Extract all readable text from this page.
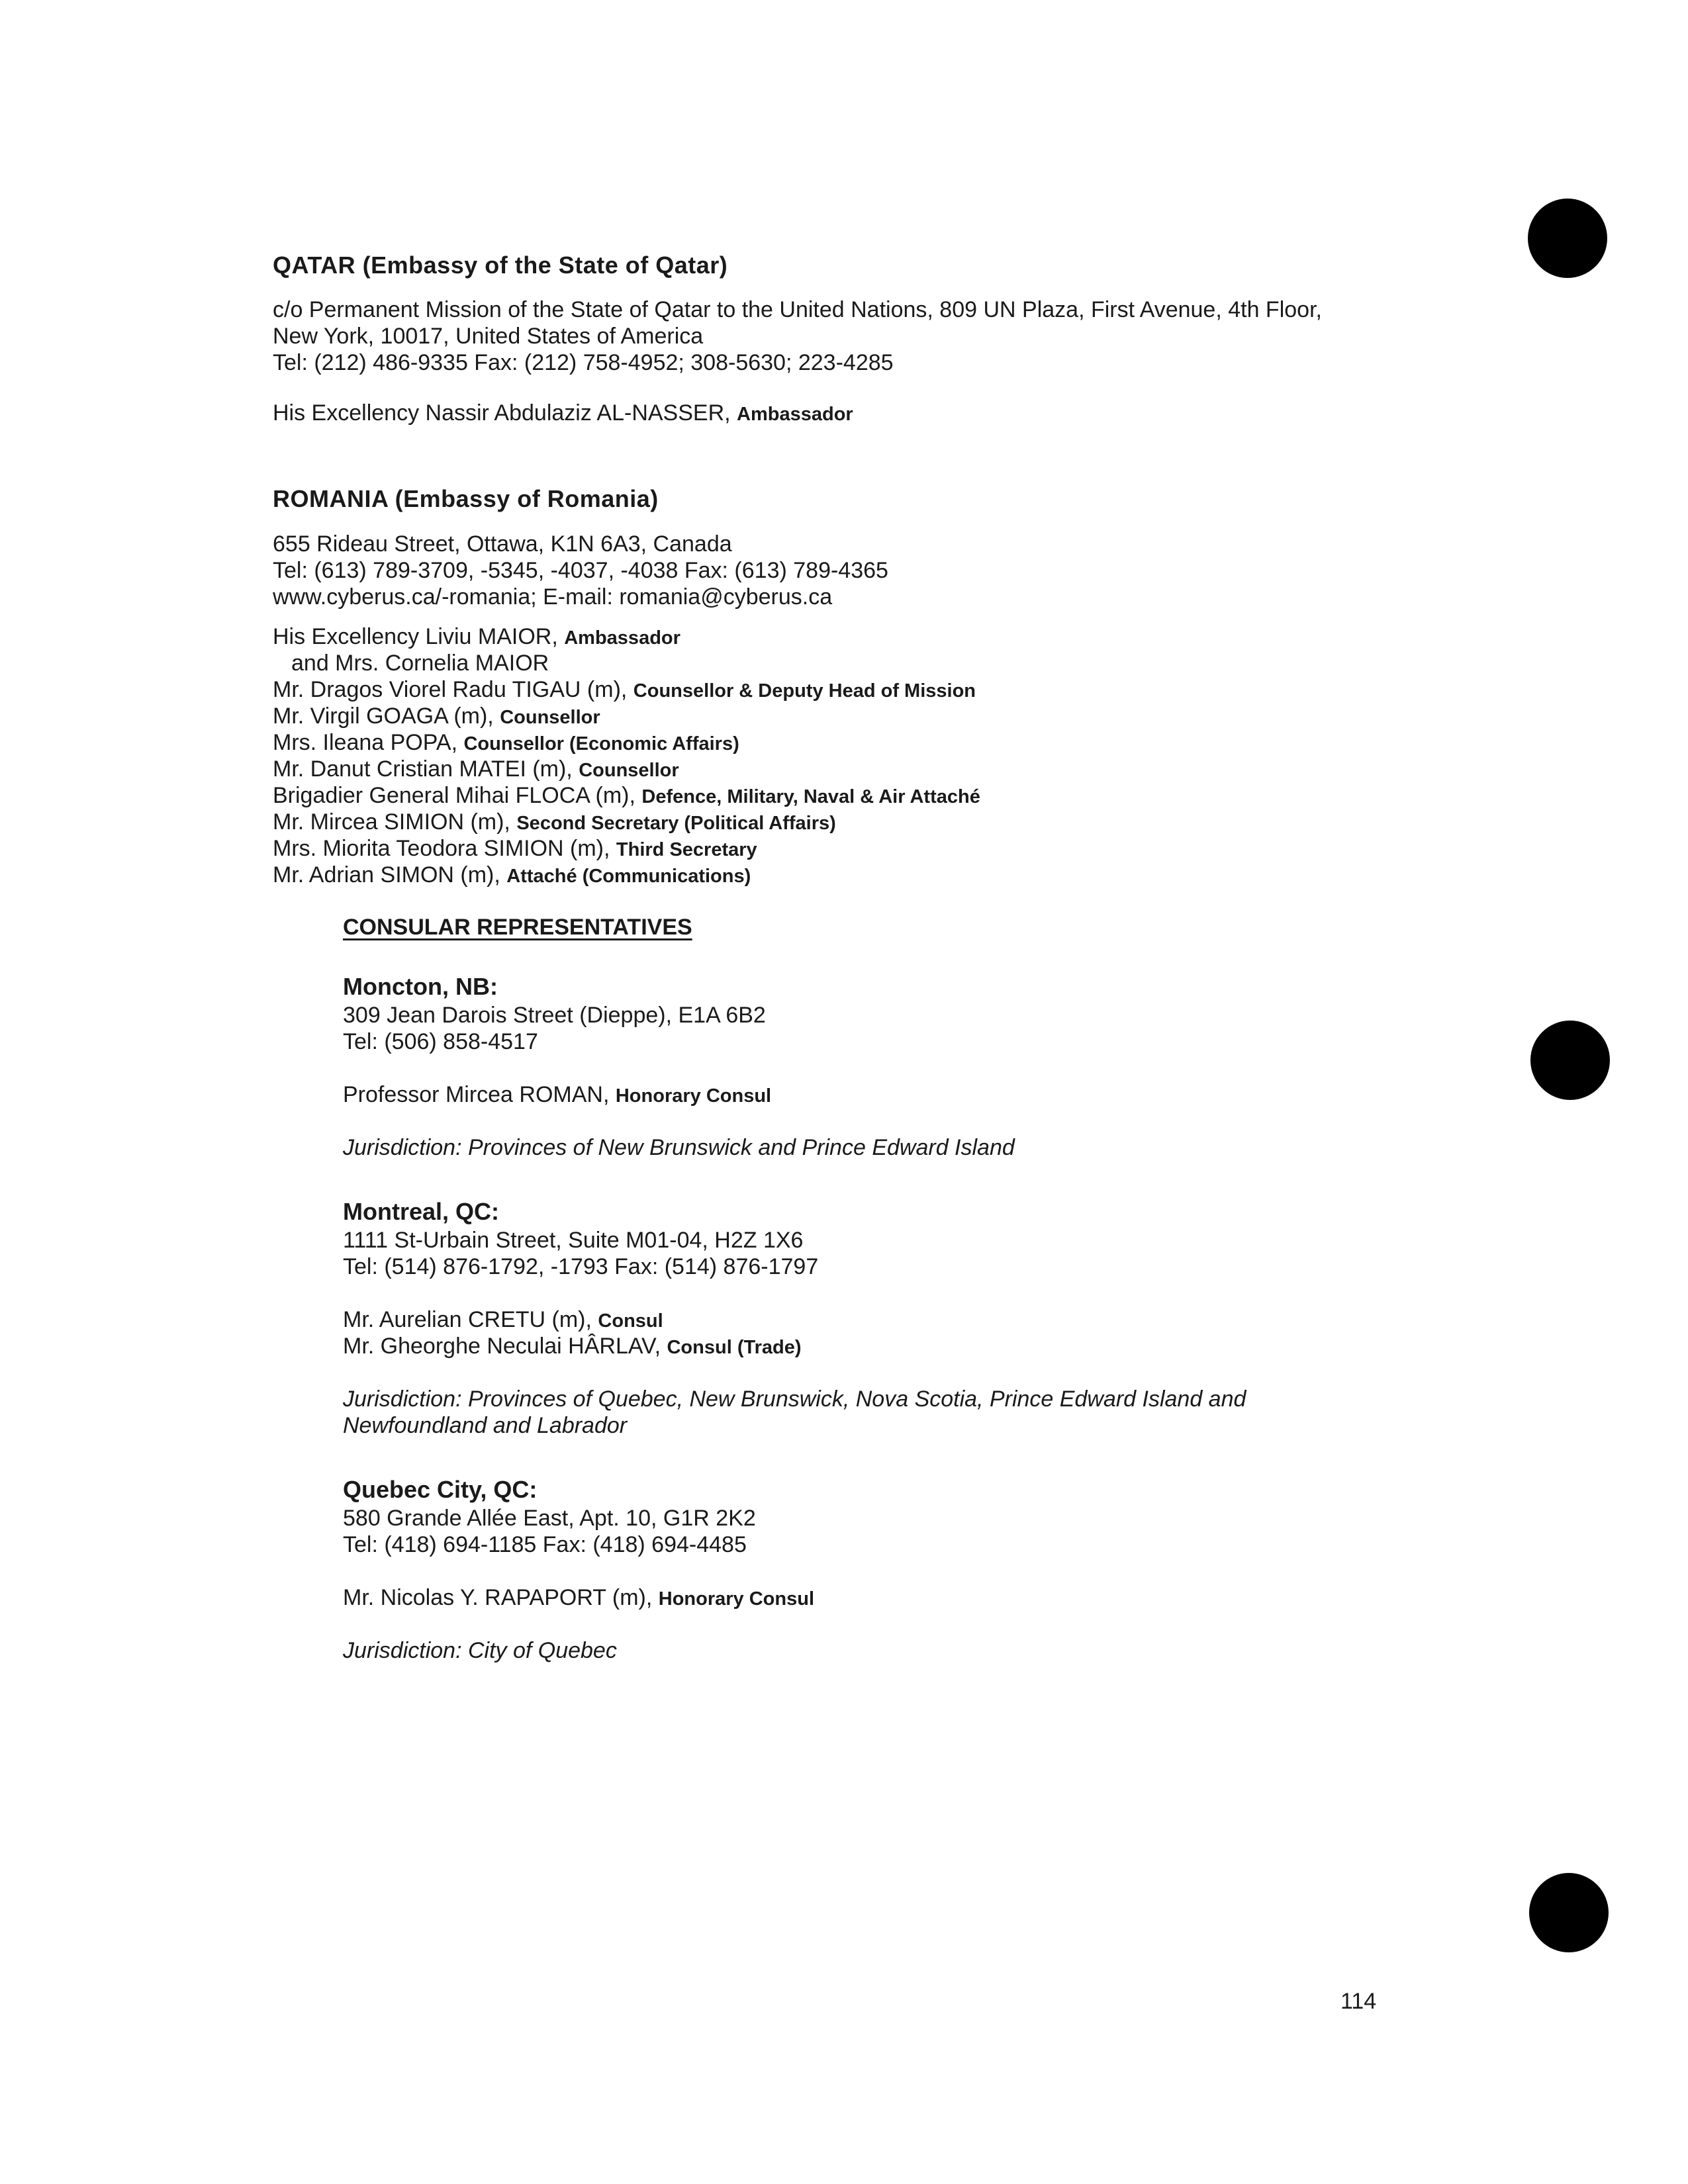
QATAR (Embassy of the State of Qatar)

c/o Permanent Mission of the State of Qatar to the United Nations, 809 UN Plaza, First Avenue, 4th Floor,

New York, 10017, United States of America

Tel: (212) 486-9335 Fax: (212) 758-4952; 308-5630; 223-4285

His Excellency Nassir Abdulaziz AL-NASSER, Ambassador

ROMANIA (Embassy of Romania)

655 Rideau Street, Ottawa, K1N 6A3, Canada

Tel: (613) 789-3709, -5345, -4037, -4038 Fax: (613) 789-4365

www.cyberus.ca/-romania; E-mail: romania@cyberus.ca

His Excellency Liviu MAIOR, Ambassador

and Mrs. Cornelia MAIOR

Mr. Dragos Viorel Radu TIGAU (m), Counsellor & Deputy Head of Mission

Mr. Virgil GOAGA (m), Counsellor

Mrs. Ileana POPA, Counsellor (Economic Affairs)

Mr. Danut Cristian MATEI (m), Counsellor

Brigadier General Mihai FLOCA (m), Defence, Military, Naval & Air Attaché

Mr. Mircea SIMION (m), Second Secretary (Political Affairs)

Mrs. Miorita Teodora SIMION (m), Third Secretary

Mr. Adrian SIMON (m), Attaché (Communications)

CONSULAR REPRESENTATIVES
Moncton, NB:

309 Jean Darois Street (Dieppe), E1A 6B2

Tel: (506) 858-4517

Professor Mircea ROMAN, Honorary Consul

Jurisdiction: Provinces of New Brunswick and Prince Edward Island

Montreal, QC:

1111 St-Urbain Street, Suite M01-04, H2Z 1X6

Tel: (514) 876-1792, -1793 Fax: (514) 876-1797

Mr. Aurelian CRETU (m), Consul

Mr. Gheorghe Neculai HÂRLAV, Consul (Trade)

Jurisdiction: Provinces of Quebec, New Brunswick, Nova Scotia, Prince Edward Island and

Newfoundland and Labrador

Quebec City, QC:

580 Grande Allée East, Apt. 10, G1R 2K2

Tel: (418) 694-1185 Fax: (418) 694-4485

Mr. Nicolas Y. RAPAPORT (m), Honorary Consul

Jurisdiction: City of Quebec

114
